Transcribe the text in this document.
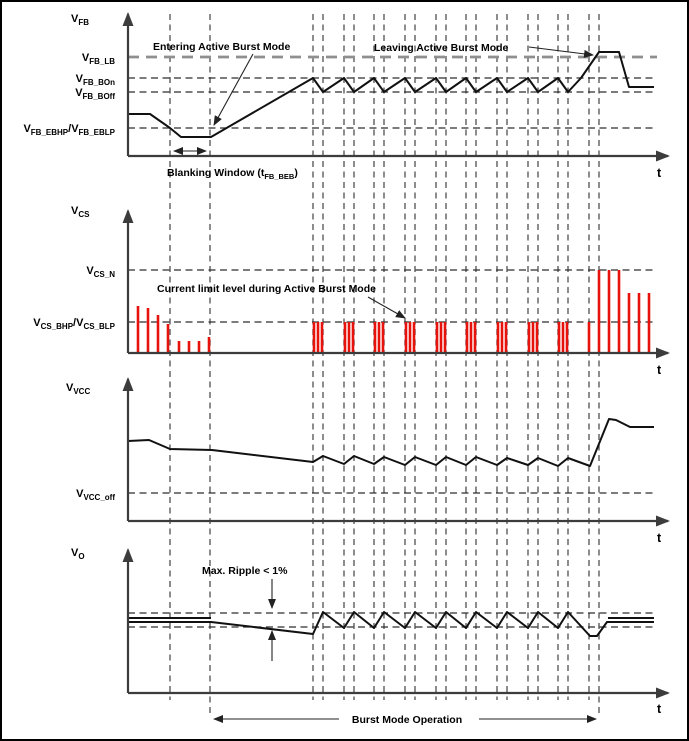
$V_{FB\_LB}$
$V_{FB\_BOn}$
$V_{FB\_BOff}$
$V_{FB\_EBHP}/V_{FB\_EBLP}$
t
$V_{FB}$
Entering Active Burst Mode	Leaving Active Burst Mode
Blanking Window $(t_{FB\_BEB})$
$V_{CS\_N}$
$V_{CS\_BHP}/V_{CS\_BLP}$
t
$V_{CS}$
Current limit level during Active Burst Mode
$V_{VCC\_off}$
t
$V_{VCC}$
t
$V_O$
Max. Ripple < 1%
Burst Mode Operation
